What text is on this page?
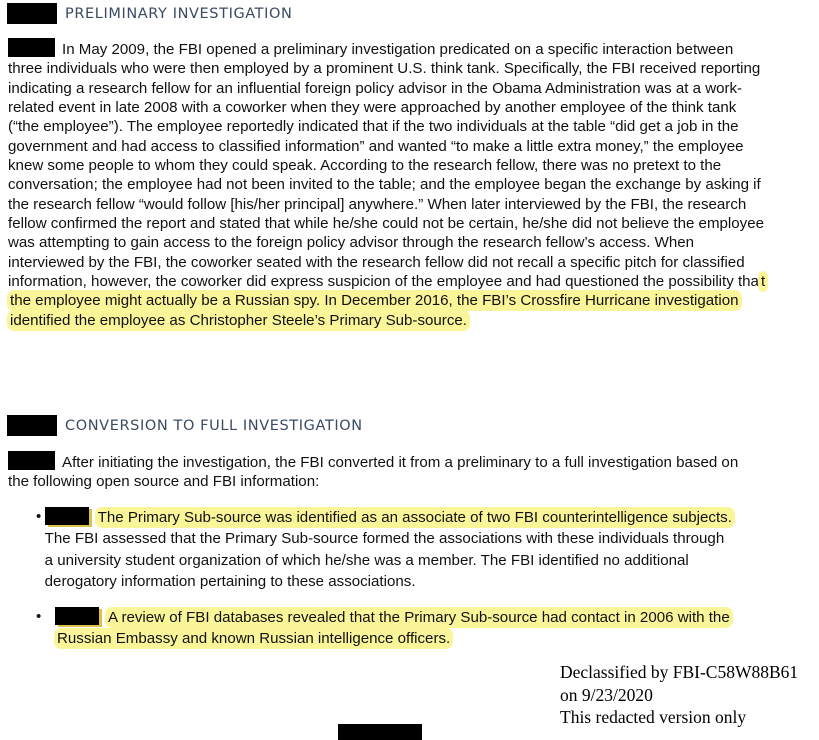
PRELIMINARY INVESTIGATION

In May 2009, the FBI opened a preliminary investigation predicated on a specific interaction between three individuals who were then employed by a prominent U.S. think tank. Specifically, the FBI received reporting indicating a research fellow for an influential foreign policy advisor in the Obama Administration was at a work-related event in late 2008 with a coworker when they were approached by another employee of the think tank (“the employee”). The employee reportedly indicated that if the two individuals at the table “did get a job in the government and had access to classified information” and wanted “to make a little extra money,” the employee knew some people to whom they could speak. According to the research fellow, there was no pretext to the conversation; the employee had not been invited to the table; and the employee began the exchange by asking if the research fellow “would follow [his/her principal] anywhere.” When later interviewed by the FBI, the research fellow confirmed the report and stated that while he/she could not be certain, he/she did not believe the employee was attempting to gain access to the foreign policy advisor through the research fellow’s access. When interviewed by the FBI, the coworker seated with the research fellow did not recall a specific pitch for classified information, however, the coworker did express suspicion of the employee and had questioned the possibility tha t the employee might actually be a Russian spy. In December 2016, the FBI’s Crossfire Hurricane investigation identified the employee as Christopher Steele’s Primary Sub-source.

CONVERSION TO FULL INVESTIGATION

After initiating the investigation, the FBI converted it from a preliminary to a full investigation based on the following open source and FBI information:

•	The Primary Sub-source was identified as an associate of two FBI counterintelligence subjects. The FBI assessed that the Primary Sub-source formed the associations with these individuals through a university student organization of which he/she was a member. The FBI identified no additional derogatory information pertaining to these associations.

•	A review of FBI databases revealed that the Primary Sub-source had contact in 2006 with the Russian Embassy and known Russian intelligence officers.

Declassified by FBI-C58W88B61
on 9/23/2020
This redacted version only
